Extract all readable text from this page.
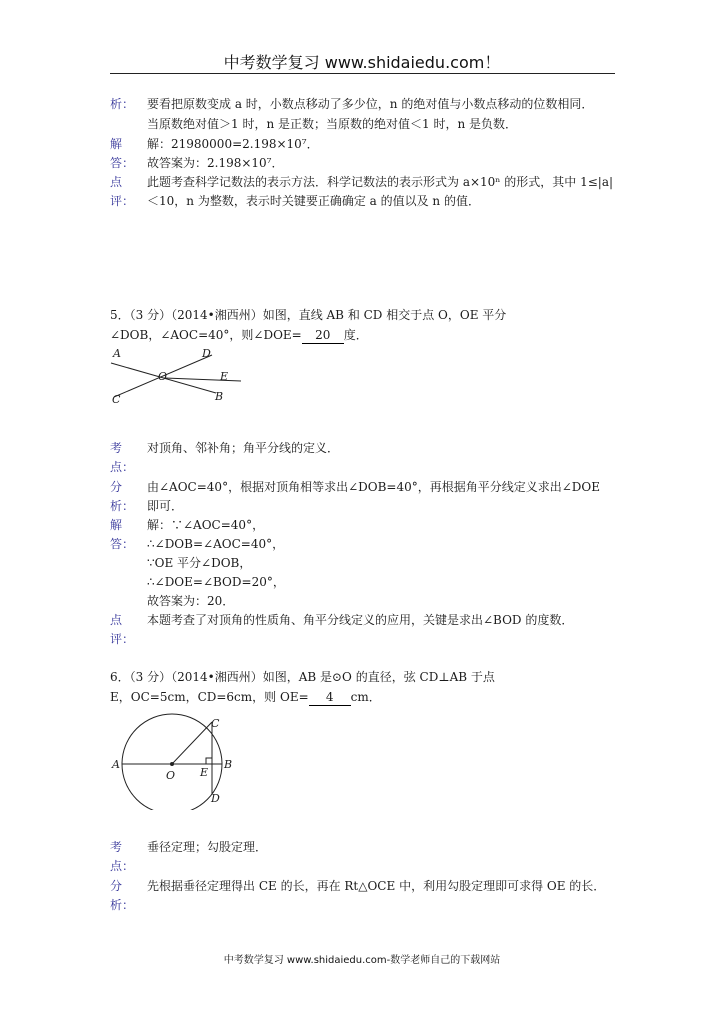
中考数学复习 www.shidaiedu.com！
析： 要看把原数变成 a 时，小数点移动了多少位，n 的绝对值与小数点移动的位数相同．
当原数绝对值＞1 时，n 是正数；当原数的绝对值＜1 时，n 是负数．
解 解：21980000=2.198×10⁷．
答： 故答案为：2.198×10⁷．
点 此题考查科学记数法的表示方法．科学记数法的表示形式为 a×10ⁿ 的形式，其中 1≤|a|
评： ＜10，n 为整数，表示时关键要正确确定 a 的值以及 n 的值．
5．（3 分）（2014•湘西州）如图，直线 AB 和 CD 相交于点 O，OE 平分
∠DOB，∠AOC=40°，则∠DOE= 20 度．
A	D
O	E
C	B
考 对顶角、邻补角；角平分线的定义．
点：
分 由∠AOC=40°，根据对顶角相等求出∠DOB=40°，再根据角平分线定义求出∠DOE
析： 即可．
解 解：∵∠AOC=40°，
答： ∴∠DOB=∠AOC=40°，
∵OE 平分∠DOB，
∴∠DOE=∠BOD=20°，
故答案为：20．
点 本题考查了对顶角的性质角、角平分线定义的应用，关键是求出∠BOD 的度数．
评：
6．（3 分）（2014•湘西州）如图，AB 是⊙O 的直径，弦 CD⊥AB 于点
E，OC=5cm，CD=6cm，则 OE= 4 cm．
A
O E
B
C
D
考 垂径定理；勾股定理．
点：
分 先根据垂径定理得出 CE 的长，再在 Rt△OCE 中，利用勾股定理即可求得 OE 的长．
析：
中考数学复习 www.shidaiedu.com-数学老师自己的下载网站
